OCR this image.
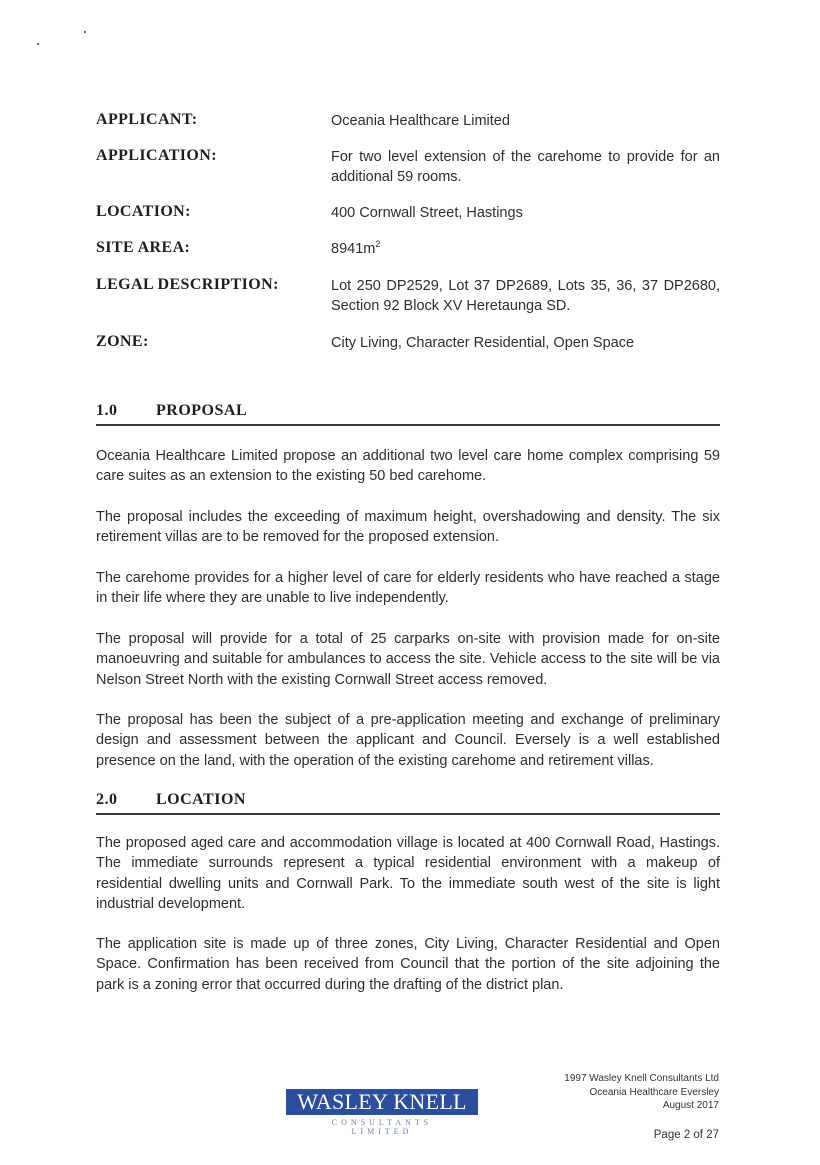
APPLICANT:	Oceania Healthcare Limited
APPLICATION:	For two level extension of the carehome to provide for an additional 59 rooms.
LOCATION:	400 Cornwall Street, Hastings
SITE AREA:	$8941m^2$
LEGAL DESCRIPTION:	Lot 250 DP2529, Lot 37 DP2689, Lots 35, 36, 37 DP2680, Section 92 Block XV Heretaunga SD.
ZONE:	City Living, Character Residential, Open Space
1.0 PROPOSAL

Oceania Healthcare Limited propose an additional two level care home complex comprising 59 care suites as an extension to the existing 50 bed carehome.

The proposal includes the exceeding of maximum height, overshadowing and density. The six retirement villas are to be removed for the proposed extension.

The carehome provides for a higher level of care for elderly residents who have reached a stage in their life where they are unable to live independently.

The proposal will provide for a total of 25 carparks on-site with provision made for on-site manoeuvring and suitable for ambulances to access the site. Vehicle access to the site will be via Nelson Street North with the existing Cornwall Street access removed.

The proposal has been the subject of a pre-application meeting and exchange of preliminary design and assessment between the applicant and Council. Eversely is a well established presence on the land, with the operation of the existing carehome and retirement villas.

2.0 LOCATION

The proposed aged care and accommodation village is located at 400 Cornwall Road, Hastings. The immediate surrounds represent a typical residential environment with a makeup of residential dwelling units and Cornwall Park. To the immediate south west of the site is light industrial development.

The application site is made up of three zones, City Living, Character Residential and Open Space. Confirmation has been received from Council that the portion of the site adjoining the park is a zoning error that occurred during the drafting of the district plan.

WASLEY KNELL
CONSULTANTS
LIMITED
1997 Wasley Knell Consultants Ltd
Oceania Healthcare Eversley
August 2017
Page 2 of 27
